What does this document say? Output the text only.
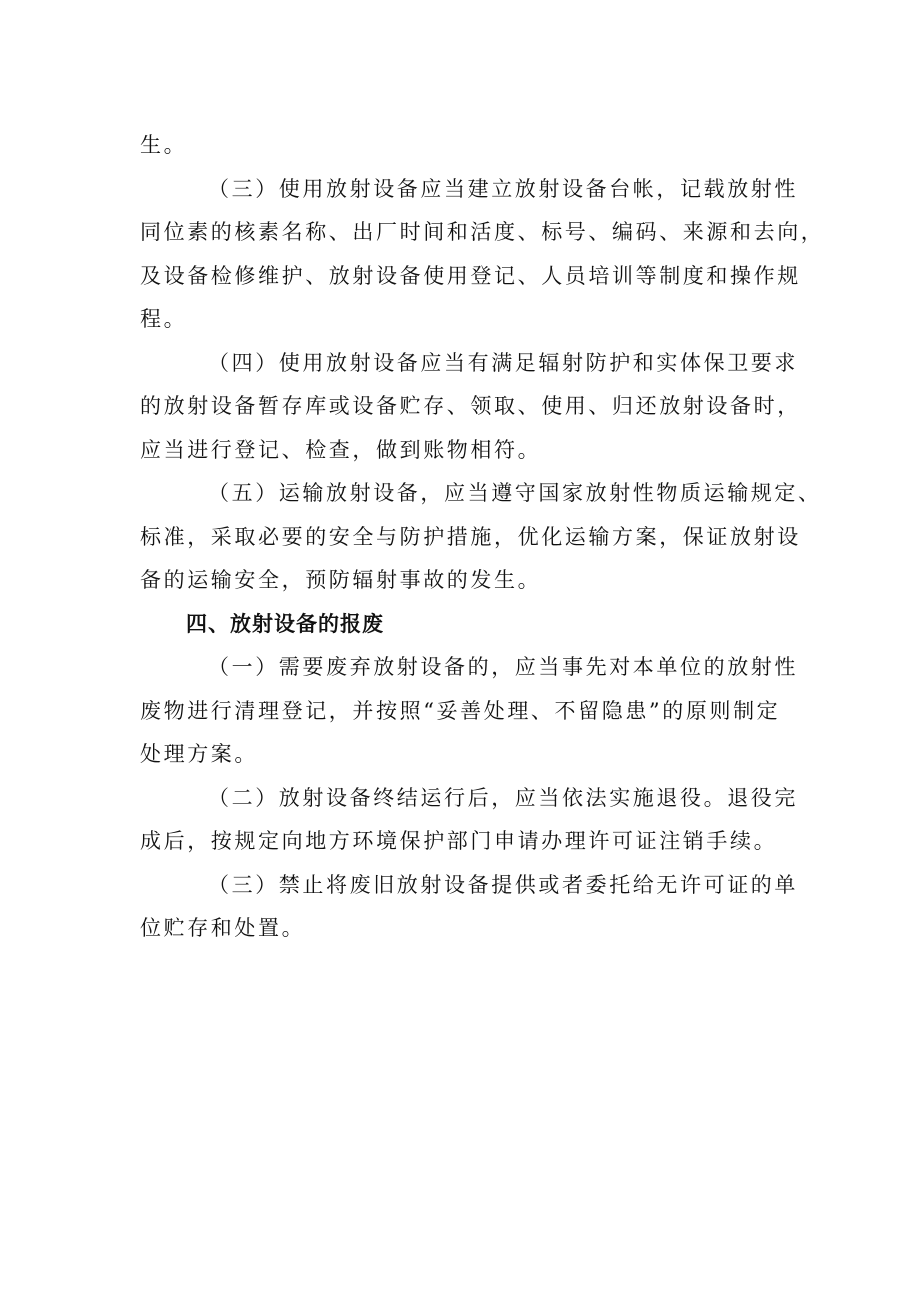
生。
（三）使用放射设备应当建立放射设备台帐，记载放射性
同位素的核素名称、出厂时间和活度、标号、编码、来源和去向，
及设备检修维护、放射设备使用登记、人员培训等制度和操作规
程。
（四）使用放射设备应当有满足辐射防护和实体保卫要求
的放射设备暂存库或设备贮存、领取、使用、归还放射设备时，
应当进行登记、检查，做到账物相符。
（五）运输放射设备，应当遵守国家放射性物质运输规定、
标准，采取必要的安全与防护措施，优化运输方案，保证放射设
备的运输安全，预防辐射事故的发生。
四、放射设备的报废
（一）需要废弃放射设备的，应当事先对本单位的放射性
废物进行清理登记，并按照“妥善处理、不留隐患”的原则制定
处理方案。
（二）放射设备终结运行后，应当依法实施退役。退役完
成后，按规定向地方环境保护部门申请办理许可证注销手续。
（三）禁止将废旧放射设备提供或者委托给无许可证的单
位贮存和处置。
